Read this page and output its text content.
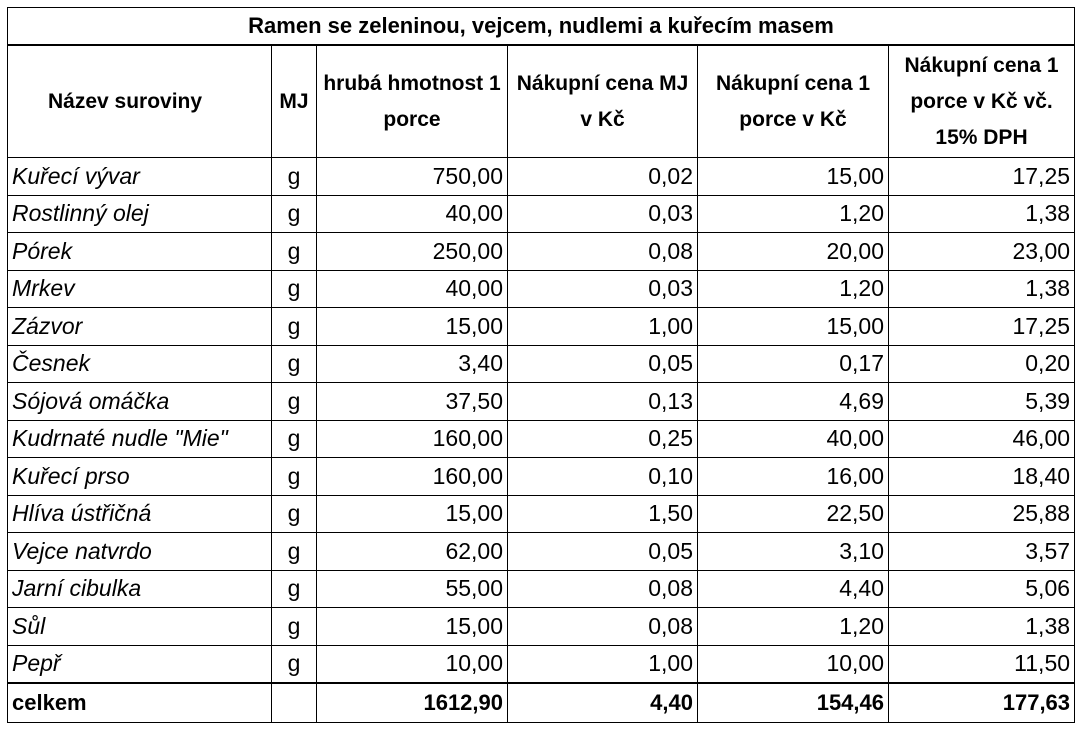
Ramen se zeleninou, vejcem, nudlemi a kuřecím masem					
Název suroviny	MJ	hrubá hmotnost 1 porce	Nákupní cena MJ v Kč	Nákupní cena 1 porce v Kč	Nákupní cena 1 porce v Kč vč. 15% DPH
Kuřecí vývar	g	750,00	0,02	15,00	17,25
Rostlinný olej	g	40,00	0,03	1,20	1,38
Pórek	g	250,00	0,08	20,00	23,00
Mrkev	g	40,00	0,03	1,20	1,38
Zázvor	g	15,00	1,00	15,00	17,25
Česnek	g	3,40	0,05	0,17	0,20
Sójová omáčka	g	37,50	0,13	4,69	5,39
Kudrnaté nudle "Mie"	g	160,00	0,25	40,00	46,00
Kuřecí prso	g	160,00	0,10	16,00	18,40
Hlíva ústřičná	g	15,00	1,50	22,50	25,88
Vejce natvrdo	g	62,00	0,05	3,10	3,57
Jarní cibulka	g	55,00	0,08	4,40	5,06
Sůl	g	15,00	0,08	1,20	1,38
Pepř	g	10,00	1,00	10,00	11,50
celkem		1612,90	4,40	154,46	177,63
